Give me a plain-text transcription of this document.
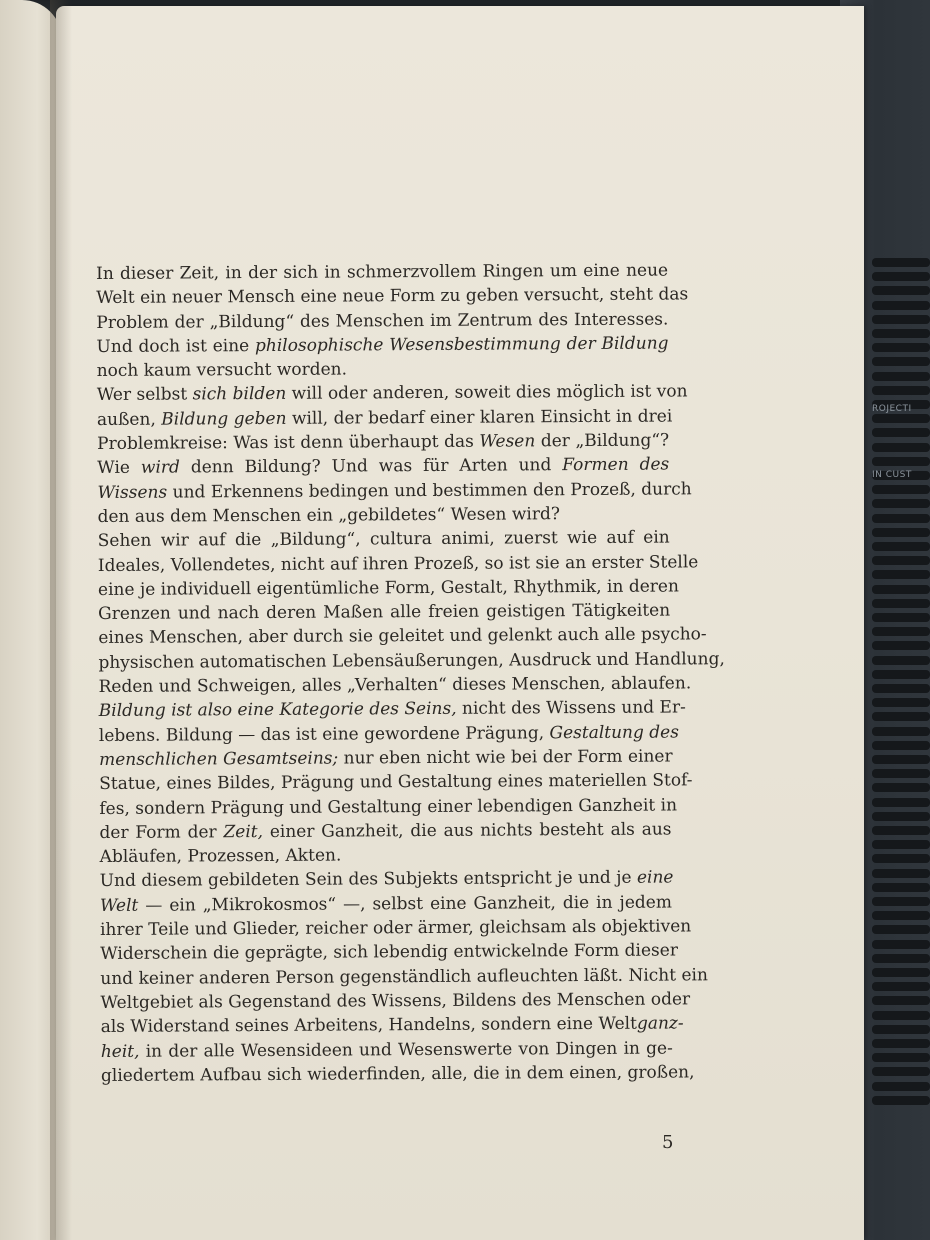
ROJECTI
IN CUST
In dieser Zeit, in der sich in schmerzvollem Ringen um eine neue
Welt ein neuer Mensch eine neue Form zu geben versucht, steht das
Problem der „Bildung“ des Menschen im Zentrum des Interesses.
Und doch ist eine philosophische Wesensbestimmung der Bildung
noch kaum versucht worden.
Wer selbst sich bilden will oder anderen, soweit dies möglich ist von
außen, Bildung geben will, der bedarf einer klaren Einsicht in drei
Problemkreise: Was ist denn überhaupt das Wesen der „Bildung“?
Wie wird denn Bildung? Und was für Arten und Formen des
Wissens und Erkennens bedingen und bestimmen den Prozeß, durch
den aus dem Menschen ein „gebildetes“ Wesen wird?
Sehen wir auf die „Bildung“, cultura animi, zuerst wie auf ein
Ideales, Vollendetes, nicht auf ihren Prozeß, so ist sie an erster Stelle
eine je individuell eigentümliche Form, Gestalt, Rhythmik, in deren
Grenzen und nach deren Maßen alle freien geistigen Tätigkeiten
eines Menschen, aber durch sie geleitet und gelenkt auch alle psycho-
physischen automatischen Lebensäußerungen, Ausdruck und Handlung,
Reden und Schweigen, alles „Verhalten“ dieses Menschen, ablaufen.
Bildung ist also eine Kategorie des Seins, nicht des Wissens und Er-
lebens. Bildung — das ist eine gewordene Prägung, Gestaltung des
menschlichen Gesamtseins; nur eben nicht wie bei der Form einer
Statue, eines Bildes, Prägung und Gestaltung eines materiellen Stof-
fes, sondern Prägung und Gestaltung einer lebendigen Ganzheit in
der Form der Zeit, einer Ganzheit, die aus nichts besteht als aus
Abläufen, Prozessen, Akten.
Und diesem gebildeten Sein des Subjekts entspricht je und je eine
Welt — ein „Mikrokosmos“ —, selbst eine Ganzheit, die in jedem
ihrer Teile und Glieder, reicher oder ärmer, gleichsam als objektiven
Widerschein die geprägte, sich lebendig entwickelnde Form dieser
und keiner anderen Person gegenständlich aufleuchten läßt. Nicht ein
Weltgebiet als Gegenstand des Wissens, Bildens des Menschen oder
als Widerstand seines Arbeitens, Handelns, sondern eine Weltganz-
heit, in der alle Wesensideen und Wesenswerte von Dingen in ge-
gliedertem Aufbau sich wiederfinden, alle, die in dem einen, großen,
5
